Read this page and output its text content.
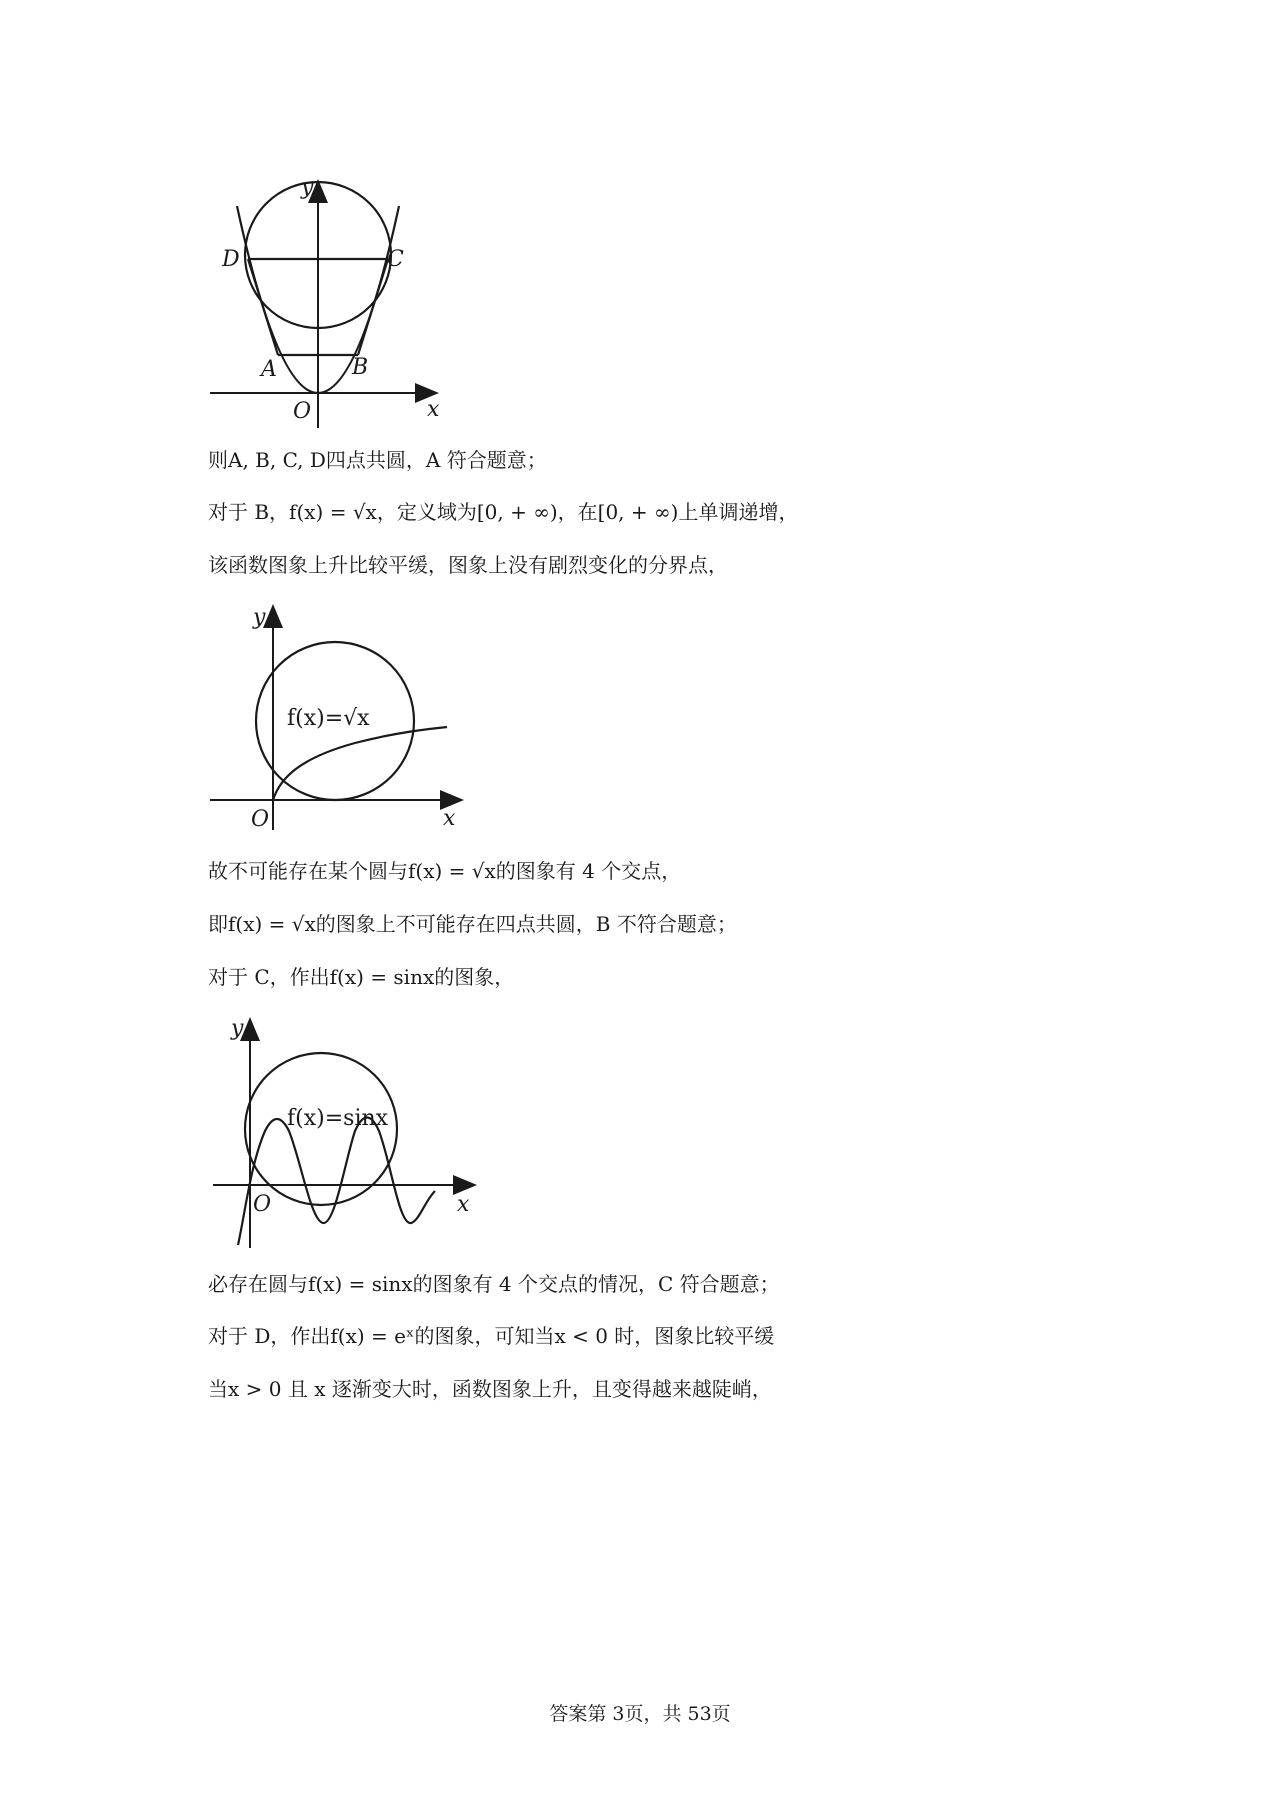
y
x
O
A	B
C
D
则A, B, C, D四点共圆，A 符合题意；
对于 B，f(x) = √x，定义域为[0, + ∞)，在[0, + ∞)上单调递增，
该函数图象上升比较平缓，图象上没有剧烈变化的分界点，
y
x
O
f(x)=√x
故不可能存在某个圆与f(x) = √x的图象有 4 个交点，
即f(x) = √x的图象上不可能存在四点共圆，B 不符合题意；
对于 C，作出f(x) = sinx的图象，
y
x
O
f(x)=sinx
必存在圆与f(x) = sinx的图象有 4 个交点的情况，C 符合题意；
对于 D，作出f(x) = eˣ的图象，可知当x < 0 时，图象比较平缓
当x > 0 且 x 逐渐变大时，函数图象上升，且变得越来越陡峭，
答案第 3页，共 53页
